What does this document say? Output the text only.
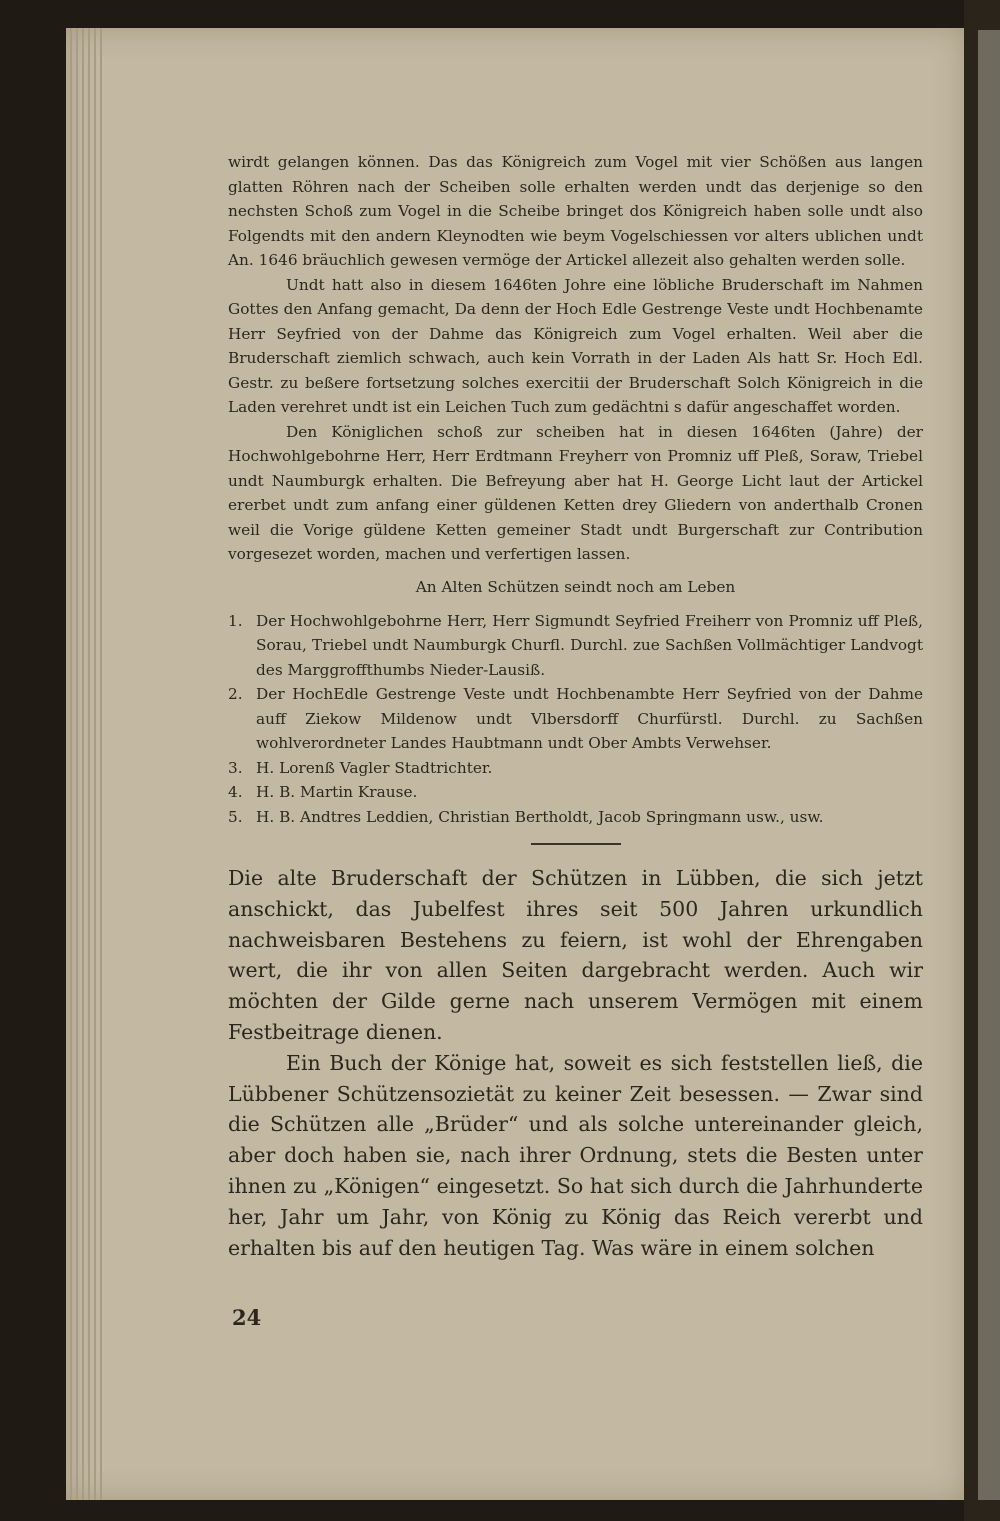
wirdt gelangen können. Das das Königreich zum Vogel mit vier Schößen aus langen glatten Röhren nach der Scheiben solle erhalten werden undt das derjenige so den nechsten Schoß zum Vogel in die Scheibe bringet dos Königreich haben solle undt also Folgendts mit den andern Kleynodten wie beym Vogelschiessen vor alters ublichen undt An. 1646 bräuchlich gewesen vermöge der Artickel allezeit also gehalten werden solle.

Undt hatt also in diesem 1646ten Johre eine löbliche Bruderschaft im Nahmen Gottes den Anfang gemacht, Da denn der Hoch Edle Gestrenge Veste undt Hochbenamte Herr Seyfried von der Dahme das Königreich zum Vogel erhalten. Weil aber die Bruderschaft ziemlich schwach, auch kein Vorrath in der Laden Als hatt Sr. Hoch Edl. Gestr. zu beßere fortsetzung solches exercitii der Bruderschaft Solch Königreich in die Laden verehret undt ist ein Leichen Tuch zum gedächtni s dafür angeschaffet worden.

Den Königlichen schoß zur scheiben hat in diesen 1646ten (Jahre) der Hochwohlgebohrne Herr, Herr Erdtmann Freyherr von Promniz uff Pleß, Soraw, Triebel undt Naumburgk erhalten. Die Befreyung aber hat H. George Licht laut der Artickel ererbet undt zum anfang einer güldenen Ketten drey Gliedern von anderthalb Cronen weil die Vorige güldene Ketten gemeiner Stadt undt Burgerschaft zur Contribution vorgesezet worden, machen und verfertigen lassen.

An Alten Schützen seindt noch am Leben
1. Der Hochwohlgebohrne Herr, Herr Sigmundt Seyfried Freiherr von Promniz uff Pleß, Sorau, Triebel undt Naumburgk Churfl. Durchl. zue Sachßen Vollmächtiger Landvogt des Marggroffthumbs Nieder-Lausiß.
2. Der HochEdle Gestrenge Veste undt Hochbenambte Herr Seyfried von der Dahme auff Ziekow Mildenow undt Vlbersdorff Churfürstl. Durchl. zu Sachßen wohlverordneter Landes Haubtmann undt Ober Ambts Verwehser.
3. H. Lorenß Vagler Stadtrichter.
4. H. B. Martin Krause.
5. H. B. Andtres Leddien, Christian Bertholdt, Jacob Springmann usw., usw.

Die alte Bruderschaft der Schützen in Lübben, die sich jetzt anschickt, das Jubelfest ihres seit 500 Jahren urkundlich nachweisbaren Bestehens zu feiern, ist wohl der Ehrengaben wert, die ihr von allen Seiten dargebracht werden. Auch wir möchten der Gilde gerne nach unserem Vermögen mit einem Festbeitrage dienen.

Ein Buch der Könige hat, soweit es sich feststellen ließ, die Lübbener Schützensozietät zu keiner Zeit besessen. — Zwar sind die Schützen alle „Brüder“ und als solche untereinander gleich, aber doch haben sie, nach ihrer Ordnung, stets die Besten unter ihnen zu „Königen“ eingesetzt. So hat sich durch die Jahrhunderte her, Jahr um Jahr, von König zu König das Reich vererbt und erhalten bis auf den heutigen Tag. Was wäre in einem solchen

24
